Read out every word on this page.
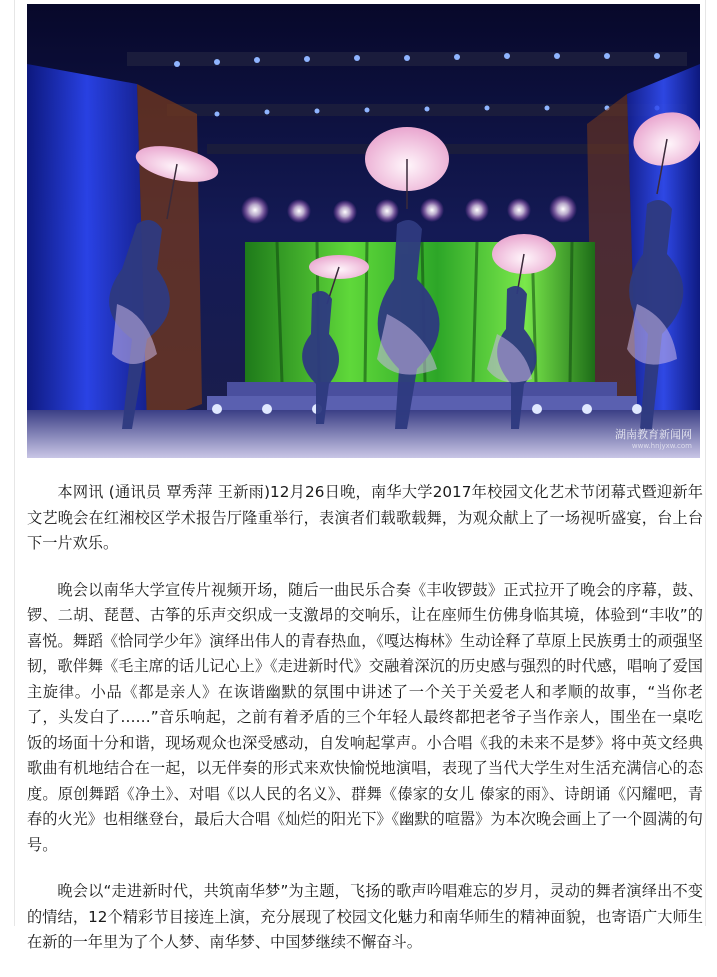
湖南教育新闻网
www.hnjyxw.com

本网讯 (通讯员 覃秀萍 王新雨)12月26日晚，南华大学2017年校园文化艺术节闭幕式暨迎新年文艺晚会在红湘校区学术报告厅隆重举行，表演者们载歌载舞，为观众献上了一场视听盛宴，台上台下一片欢乐。

晚会以南华大学宣传片视频开场，随后一曲民乐合奏《丰收锣鼓》正式拉开了晚会的序幕，鼓、锣、二胡、琵琶、古筝的乐声交织成一支激昂的交响乐，让在座师生仿佛身临其境，体验到“丰收”的喜悦。舞蹈《恰同学少年》演绎出伟人的青春热血，《嘎达梅林》生动诠释了草原上民族勇士的顽强坚韧，歌伴舞《毛主席的话儿记心上》《走进新时代》交融着深沉的历史感与强烈的时代感，唱响了爱国主旋律。小品《都是亲人》在诙谐幽默的氛围中讲述了一个关于关爱老人和孝顺的故事，“当你老了，头发白了……”音乐响起，之前有着矛盾的三个年轻人最终都把老爷子当作亲人，围坐在一桌吃饭的场面十分和谐，现场观众也深受感动，自发响起掌声。小合唱《我的未来不是梦》将中英文经典歌曲有机地结合在一起，以无伴奏的形式来欢快愉悦地演唱，表现了当代大学生对生活充满信心的态度。原创舞蹈《净土》、对唱《以人民的名义》、群舞《傣家的女儿 傣家的雨》、诗朗诵《闪耀吧，青春的火光》也相继登台，最后大合唱《灿烂的阳光下》《幽默的喧嚣》为本次晚会画上了一个圆满的句号。

晚会以“走进新时代，共筑南华梦”为主题，飞扬的歌声吟唱难忘的岁月，灵动的舞者演绎出不变的情结，12个精彩节目接连上演，充分展现了校园文化魅力和南华师生的精神面貌，也寄语广大师生在新的一年里为了个人梦、南华梦、中国梦继续不懈奋斗。
